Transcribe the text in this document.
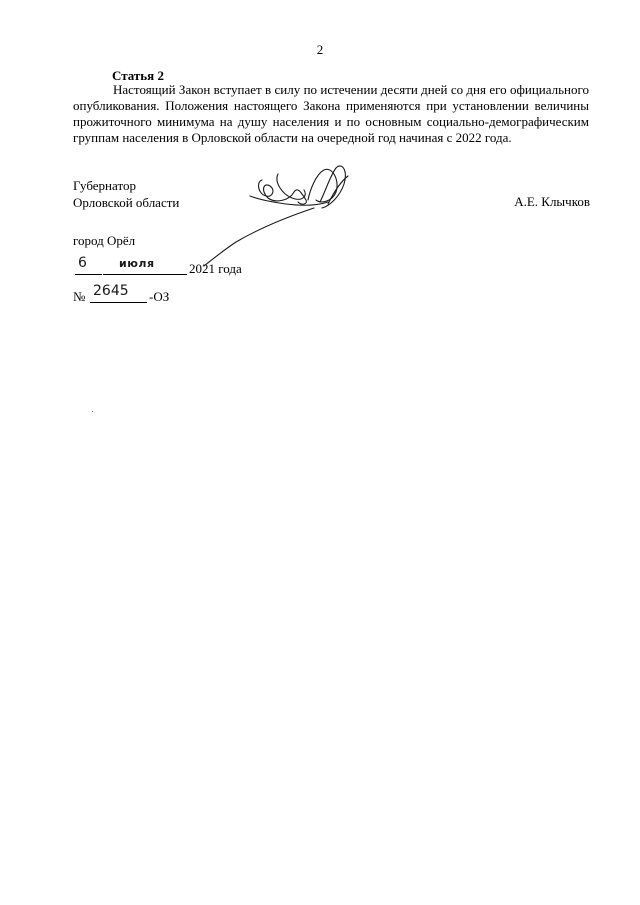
2
Статья 2

Настоящий Закон вступает в силу по истечении десяти дней со дня его официального опубликования. Положения настоящего Закона применяются при установлении величины прожиточного минимума на душу населения и по основным социально-демографическим группам населения в Орловской области на очередной год начиная с 2022 года.

Губернатор
Орловской области	А.Е. Клычков
город Орёл
6	июля	2021 года
№ 2645 -ОЗ
